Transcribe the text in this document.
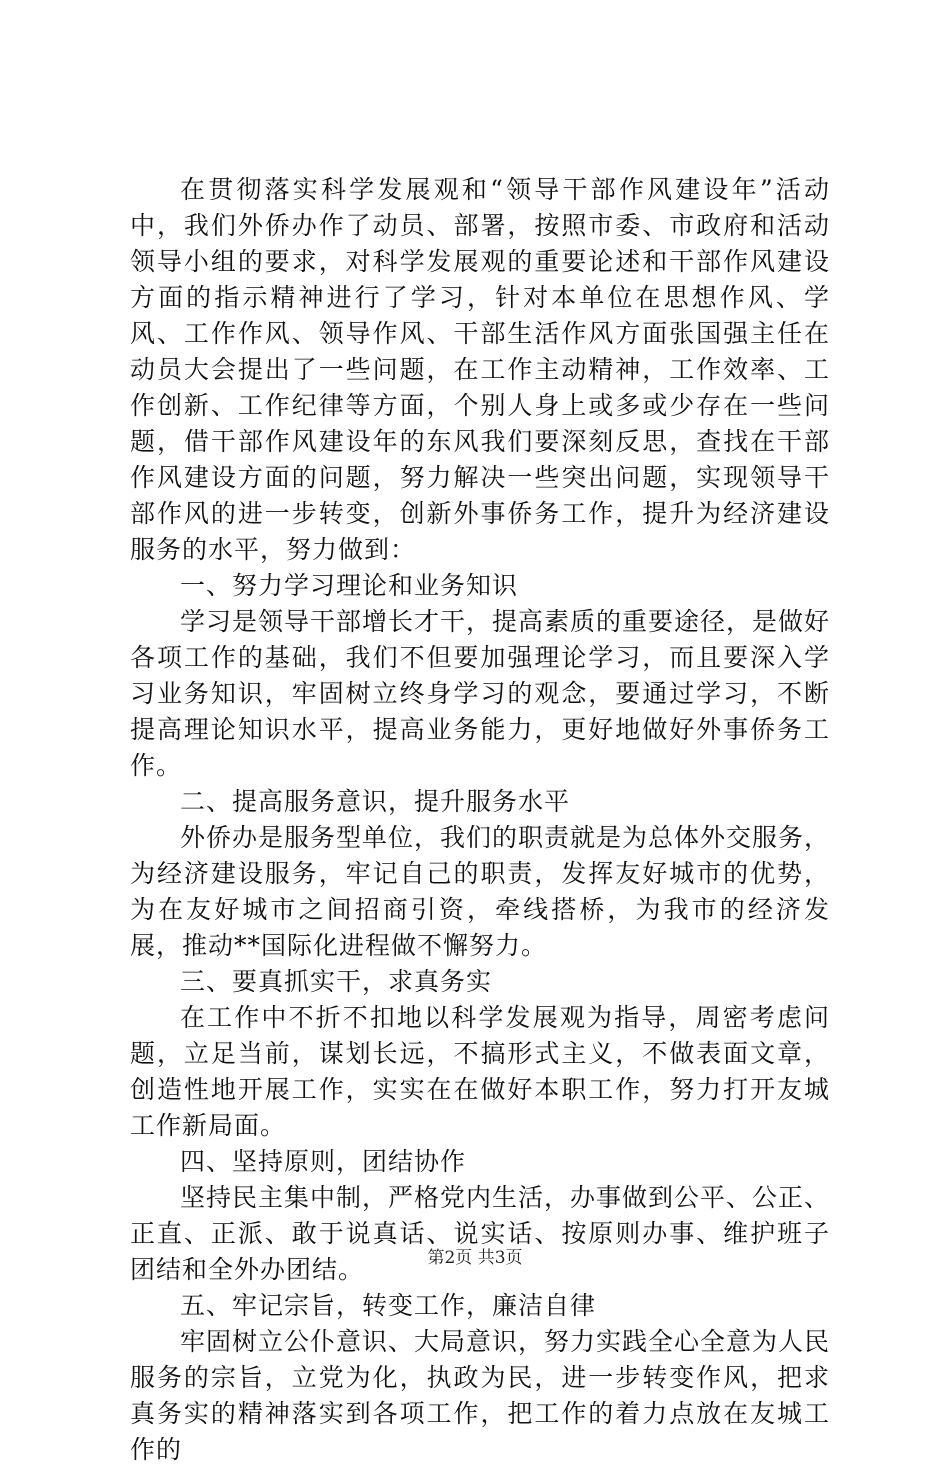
在贯彻落实科学发展观和“领导干部作风建设年”活动中，我们外侨办作了动员、部署，按照市委、市政府和活动领导小组的要求，对科学发展观的重要论述和干部作风建设方面的指示精神进行了学习，针对本单位在思想作风、学风、工作作风、领导作风、干部生活作风方面张国强主任在动员大会提出了一些问题，在工作主动精神，工作效率、工作创新、工作纪律等方面，个别人身上或多或少存在一些问题，借干部作风建设年的东风我们要深刻反思，查找在干部作风建设方面的问题，努力解决一些突出问题，实现领导干部作风的进一步转变，创新外事侨务工作，提升为经济建设服务的水平，努力做到：

一、努力学习理论和业务知识

学习是领导干部增长才干，提高素质的重要途径，是做好各项工作的基础，我们不但要加强理论学习，而且要深入学习业务知识，牢固树立终身学习的观念，要通过学习，不断提高理论知识水平，提高业务能力，更好地做好外事侨务工作。

二、提高服务意识，提升服务水平

外侨办是服务型单位，我们的职责就是为总体外交服务，为经济建设服务，牢记自己的职责，发挥友好城市的优势，为在友好城市之间招商引资，牵线搭桥，为我市的经济发展，推动**国际化进程做不懈努力。

三、要真抓实干，求真务实

在工作中不折不扣地以科学发展观为指导，周密考虑问题，立足当前，谋划长远，不搞形式主义，不做表面文章，创造性地开展工作，实实在在做好本职工作，努力打开友城工作新局面。

四、坚持原则，团结协作

坚持民主集中制，严格党内生活，办事做到公平、公正、正直、正派、敢于说真话、说实话、按原则办事、维护班子团结和全外办团结。

五、牢记宗旨，转变工作，廉洁自律

牢固树立公仆意识、大局意识，努力实践全心全意为人民服务的宗旨，立党为化，执政为民，进一步转变作风，把求真务实的精神落实到各项工作，把工作的着力点放在友城工作的

第2页 共3页
